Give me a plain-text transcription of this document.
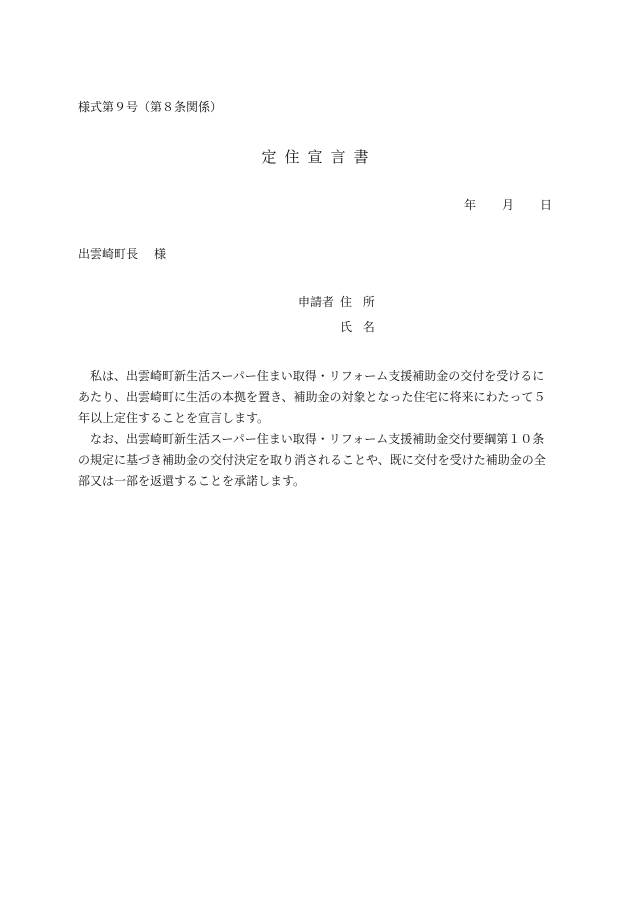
様式第９号（第８条関係）
定住宣言書
年 月 日
出雲崎町長 様
申請者 住所
氏名

私は、出雲崎町新生活スーパー住まい取得・リフォーム支援補助金の交付を受けるにあたり、出雲崎町に生活の本拠を置き、補助金の対象となった住宅に将来にわたって５年以上定住することを宣言します。

なお、出雲崎町新生活スーパー住まい取得・リフォーム支援補助金交付要綱第１０条の規定に基づき補助金の交付決定を取り消されることや、既に交付を受けた補助金の全部又は一部を返還することを承諾します。
